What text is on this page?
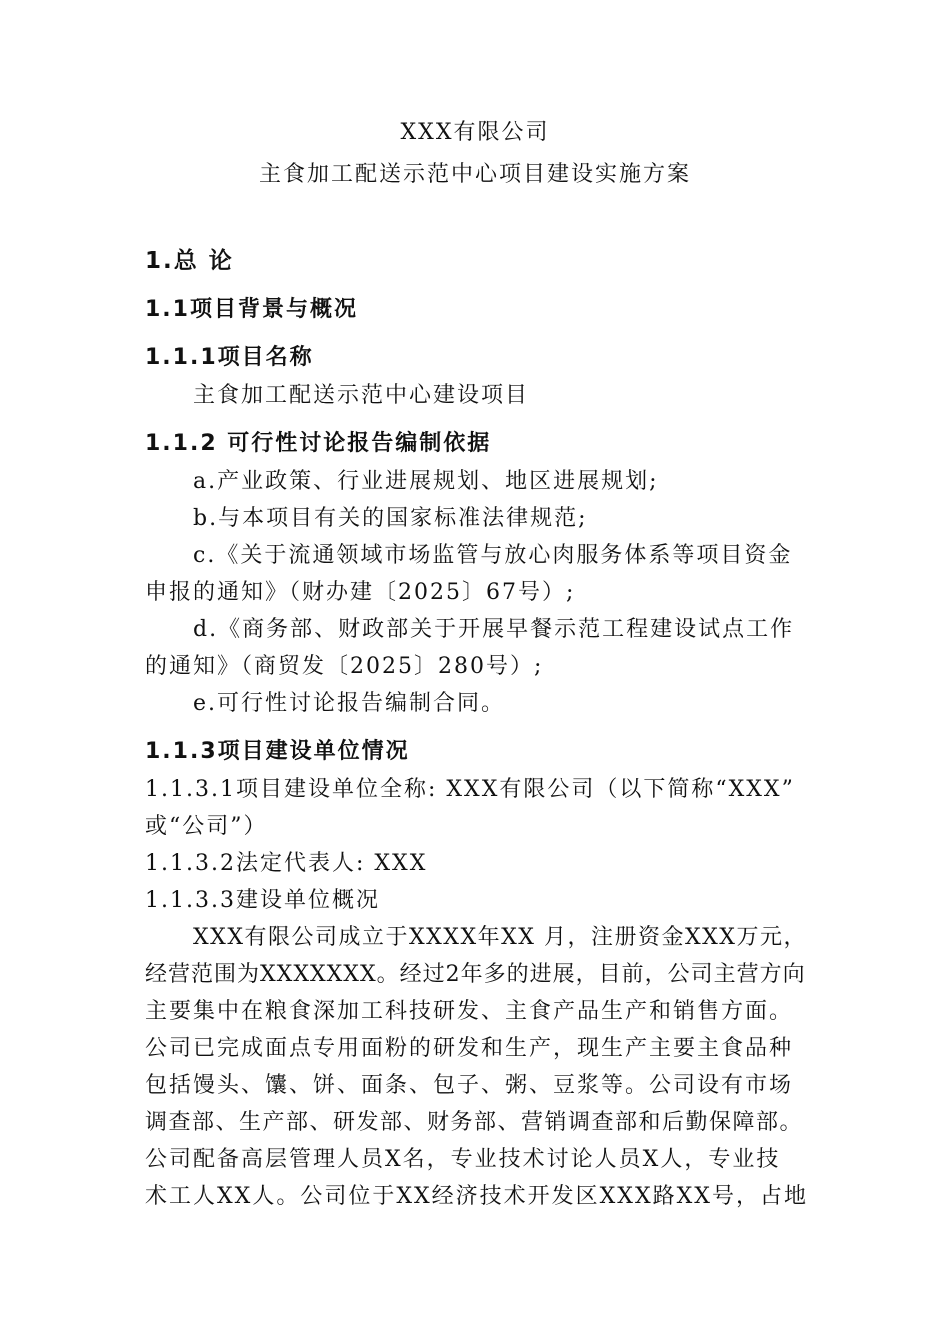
XXX有限公司
主食加工配送示范中心项目建设实施方案
1.总 论
1.1项目背景与概况
1.1.1项目名称
主食加工配送示范中心建设项目
1.1.2 可行性讨论报告编制依据
a.产业政策、行业进展规划、地区进展规划;
b.与本项目有关的国家标准法律规范;
c.《关于流通领域市场监管与放心肉服务体系等项目资金
申报的通知》（财办建〔2025〕67号）;
d.《商务部、财政部关于开展早餐示范工程建设试点工作
的通知》（商贸发〔2025〕280号）;
e.可行性讨论报告编制合同。
1.1.3项目建设单位情况
1.1.3.1项目建设单位全称: XXX有限公司（以下简称“XXX”
或“公司”）
1.1.3.2法定代表人: XXX
1.1.3.3建设单位概况
XXX有限公司成立于XXXX年XX 月，注册资金XXX万元，
经营范围为XXXXXXX。经过2年多的进展，目前，公司主营方向
主要集中在粮食深加工科技研发、主食产品生产和销售方面。
公司已完成面点专用面粉的研发和生产，现生产主要主食品种
包括馒头、馕、饼、面条、包子、粥、豆浆等。公司设有市场
调查部、生产部、研发部、财务部、营销调查部和后勤保障部。
公司配备高层管理人员X名，专业技术讨论人员X人，专业技
术工人XX人。公司位于XX经济技术开发区XXX路XX号，占地
